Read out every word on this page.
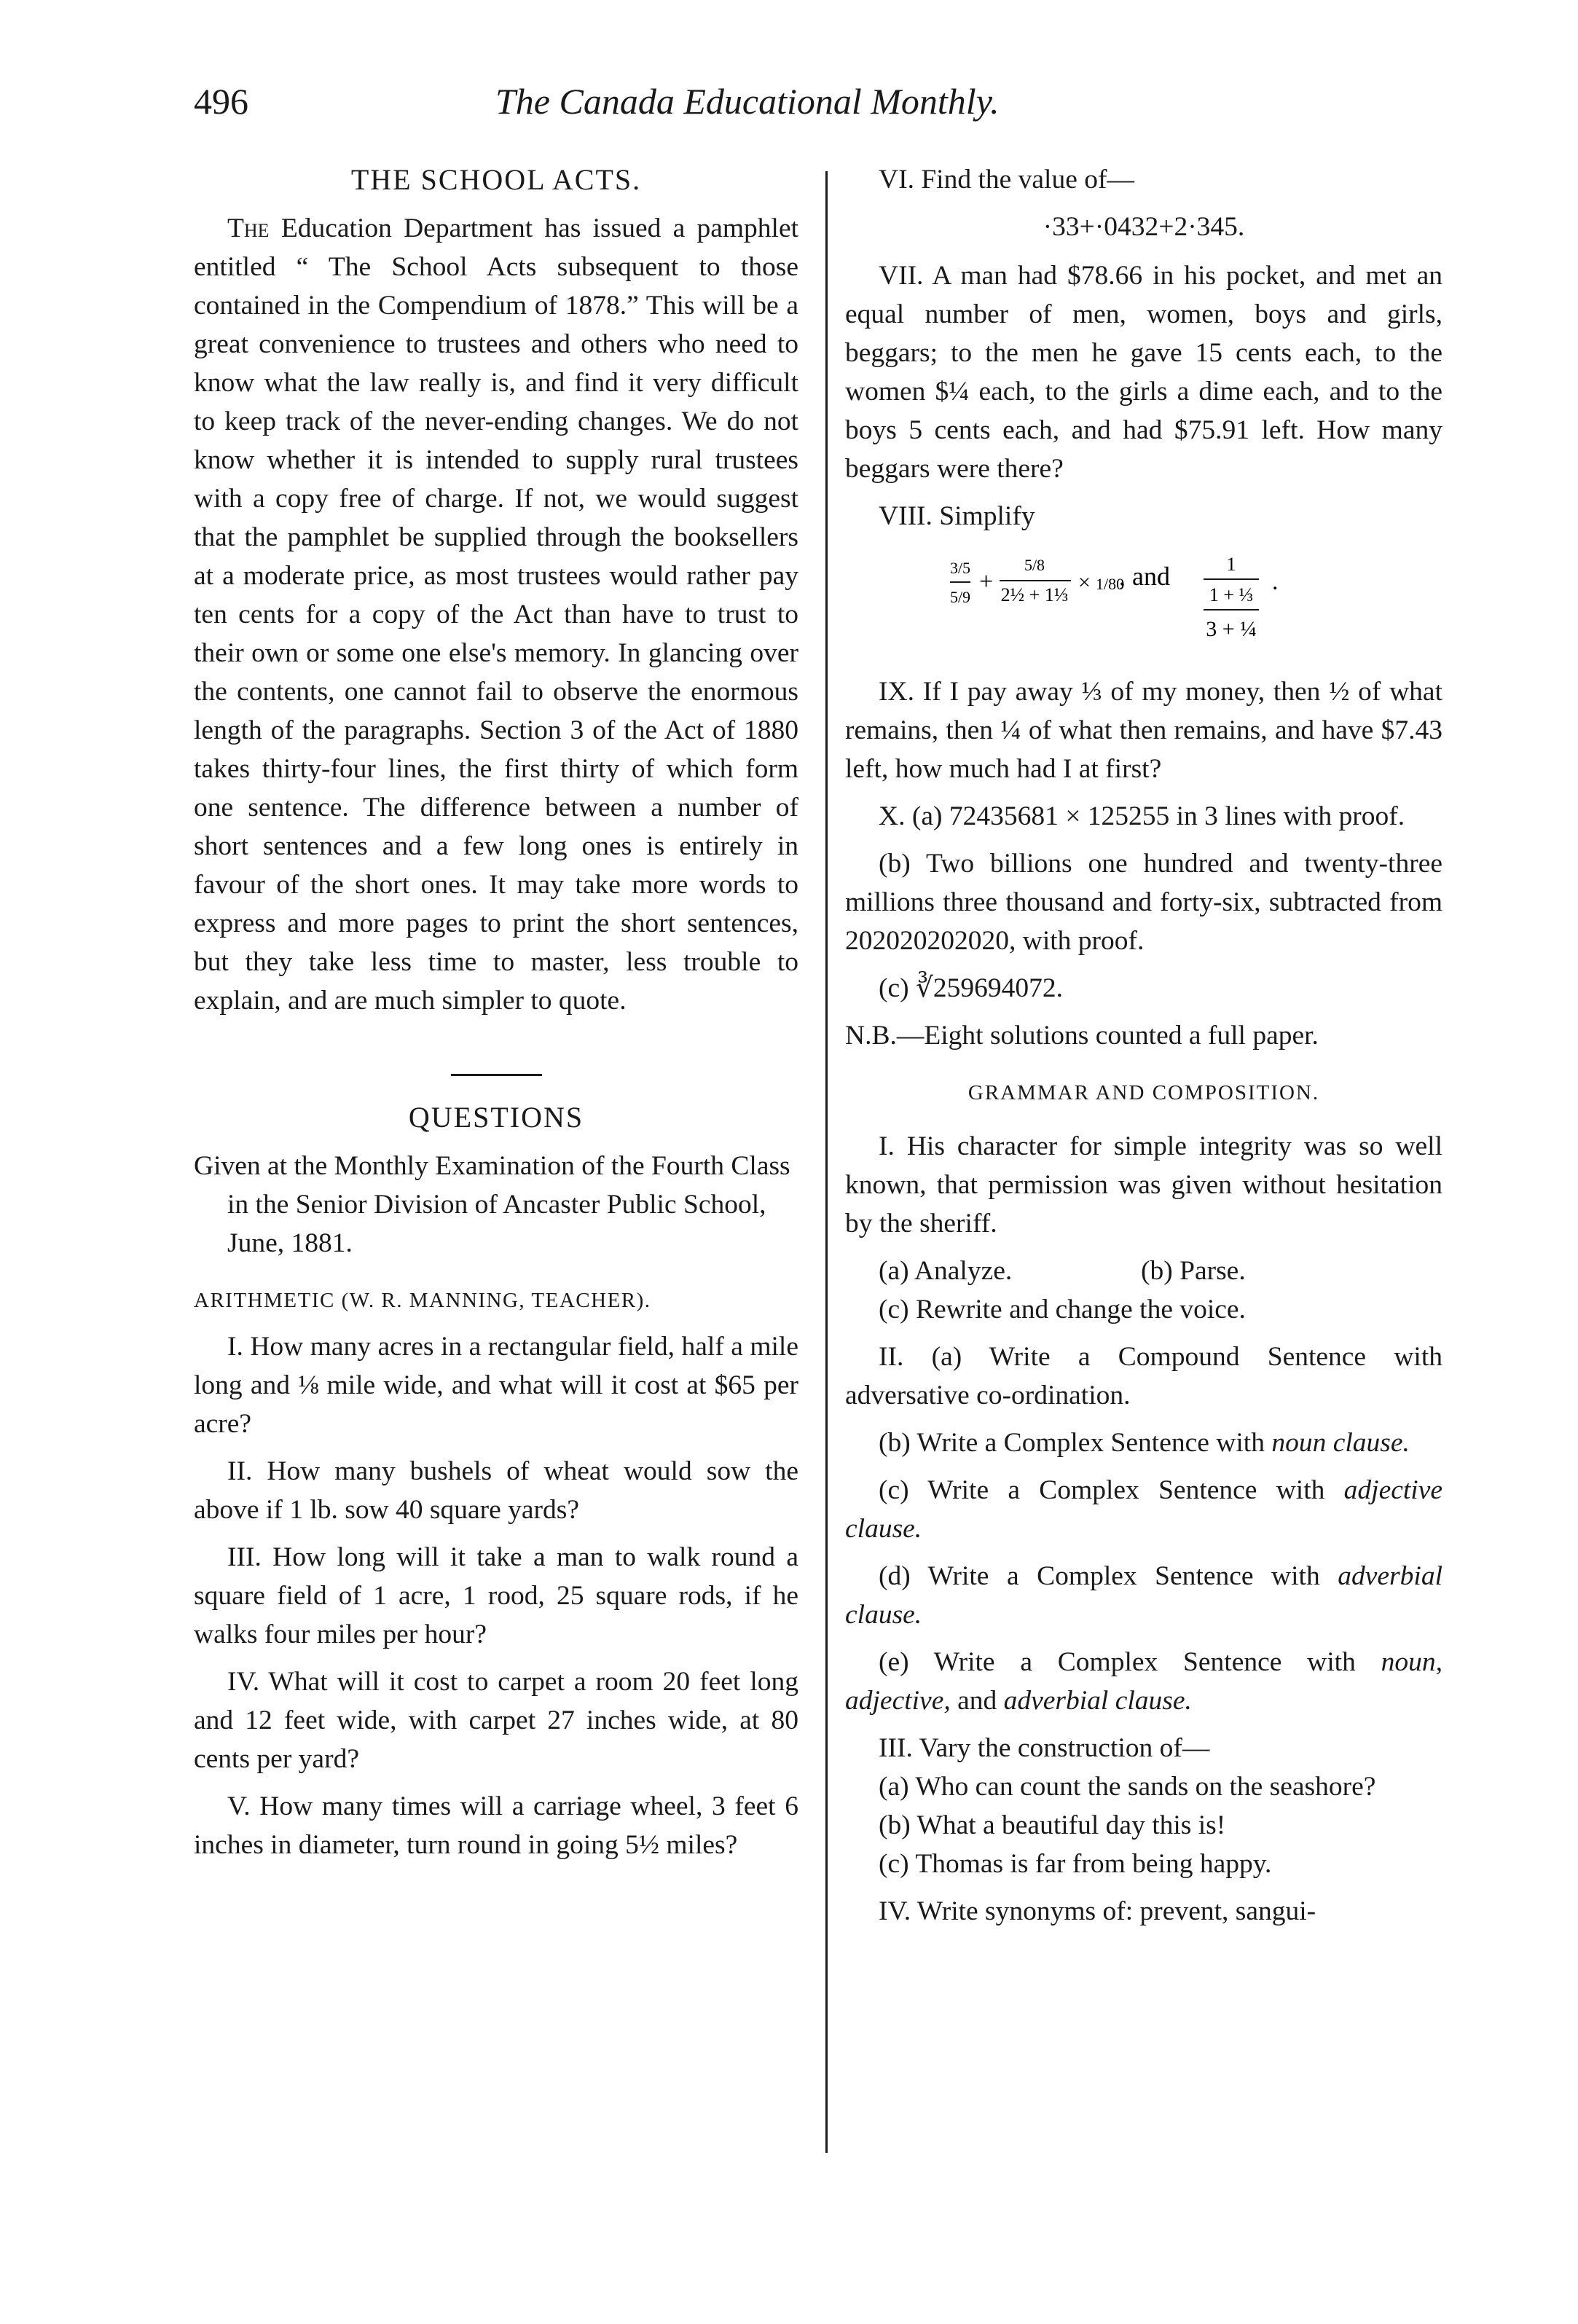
496	The Canada Educational Monthly.
THE SCHOOL ACTS.

The Education Department has issued a pamphlet entitled “ The School Acts subsequent to those contained in the Compendium of 1878.” This will be a great convenience to trustees and others who need to know what the law really is, and find it very difficult to keep track of the never-ending changes. We do not know whether it is intended to supply rural trustees with a copy free of charge. If not, we would suggest that the pamphlet be supplied through the booksellers at a moderate price, as most trustees would rather pay ten cents for a copy of the Act than have to trust to their own or some one else's memory. In glancing over the contents, one cannot fail to observe the enormous length of the paragraphs. Section 3 of the Act of 1880 takes thirty-four lines, the first thirty of which form one sentence. The difference between a number of short sentences and a few long ones is entirely in favour of the short ones. It may take more words to express and more pages to print the short sentences, but they take less time to master, less trouble to explain, and are much simpler to quote.

QUESTIONS

Given at the Monthly Examination of the Fourth Class in the Senior Division of Ancaster Public School, June, 1881.

ARITHMETIC (W. R. MANNING, TEACHER).

I. How many acres in a rectangular field, half a mile long and ⅛ mile wide, and what will it cost at $65 per acre?

II. How many bushels of wheat would sow the above if 1 lb. sow 40 square yards?

III. How long will it take a man to walk round a square field of 1 acre, 1 rood, 25 square rods, if he walks four miles per hour?

IV. What will it cost to carpet a room 20 feet long and 12 feet wide, with carpet 27 inches wide, at 80 cents per yard?

V. How many times will a carriage wheel, 3 feet 6 inches in diameter, turn round in going 5½ miles?

VI. Find the value of—

·33+·0432+2·345.

VII. A man had $78.66 in his pocket, and met an equal number of men, women, boys and girls, beggars; to the men he gave 15 cents each, to the women $¼ each, to the girls a dime each, and to the boys 5 cents each, and had $75.91 left. How many beggars were there?

VIII. Simplify

3/5
5/9
+
5/8
2½ + 1⅓
× 1/80
, and	1
1 + ⅓
3 + ¼
.

IX. If I pay away ⅓ of my money, then ½ of what remains, then ¼ of what then remains, and have $7.43 left, how much had I at first?

X. (a) 72435681 × 125255 in 3 lines with proof.

(b) Two billions one hundred and twenty-three millions three thousand and forty-six, subtracted from 202020202020, with proof.

(c) ∛259694072.

N.B.—Eight solutions counted a full paper.

GRAMMAR AND COMPOSITION.

I. His character for simple integrity was so well known, that permission was given without hesitation by the sheriff.

(a) Analyze.	(b) Parse.

(c) Rewrite and change the voice.

II. (a) Write a Compound Sentence with adversative co-ordination.

(b) Write a Complex Sentence with noun clause.

(c) Write a Complex Sentence with adjective clause.

(d) Write a Complex Sentence with adverbial clause.

(e) Write a Complex Sentence with noun, adjective, and adverbial clause.

III. Vary the construction of—

(a) Who can count the sands on the seashore?

(b) What a beautiful day this is!

(c) Thomas is far from being happy.

IV. Write synonyms of: prevent, sangui-
